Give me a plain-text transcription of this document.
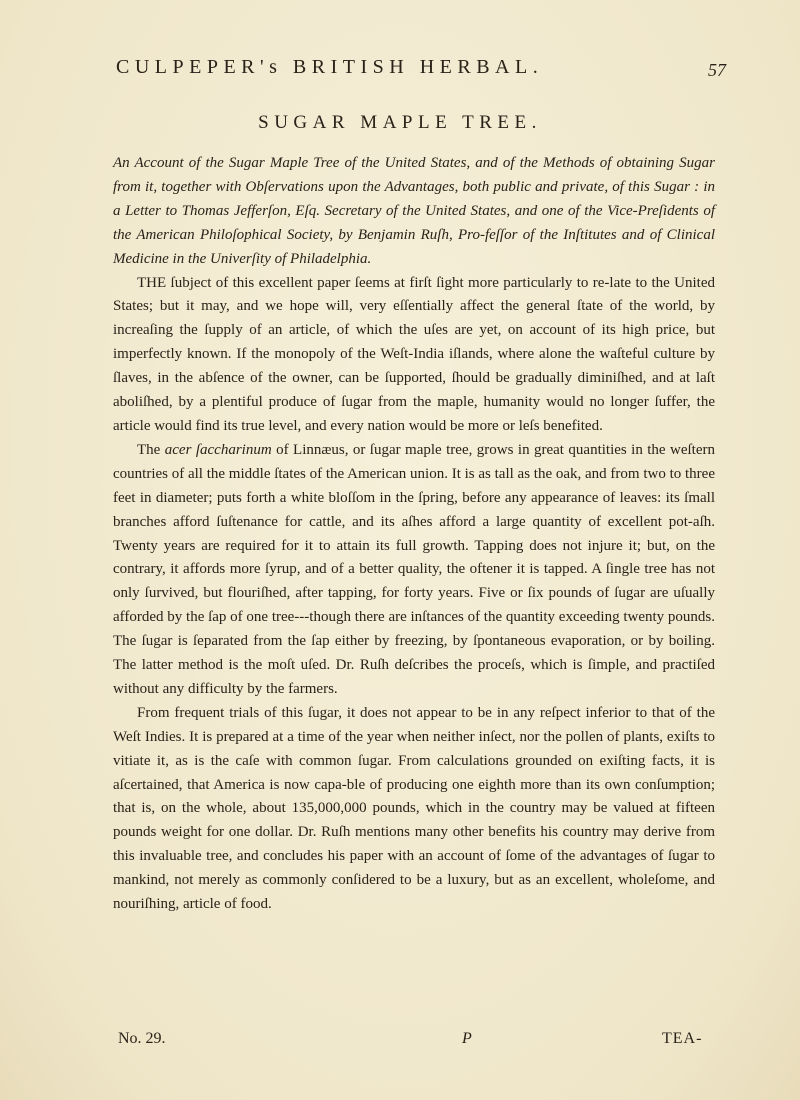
CULPEPER's BRITISH HERBAL.	57
SUGAR MAPLE TREE.

An Account of the Sugar Maple Tree of the United States, and of the Methods of obtaining Sugar from it, together with Obſervations upon the Advantages, both public and private, of this Sugar : in a Letter to Thomas Jefferſon, Eſq. Secretary of the United States, and one of the Vice-Preſidents of the American Philoſophical Society, by Benjamin Ruſh, Pro-feſſor of the Inſtitutes and of Clinical Medicine in the Univerſity of Philadelphia.

THE ſubject of this excellent paper ſeems at firſt ſight more particularly to re-late to the United States; but it may, and we hope will, very eſſentially affect the general ſtate of the world, by increaſing the ſupply of an article, of which the uſes are yet, on account of its high price, but imperfectly known. If the monopoly of the Weſt-India iſlands, where alone the waſteful culture by ſlaves, in the abſence of the owner, can be ſupported, ſhould be gradually diminiſhed, and at laſt aboliſhed, by a plentiful produce of ſugar from the maple, humanity would no longer ſuffer, the article would find its true level, and every nation would be more or leſs benefited.

The acer ſaccharinum of Linnæus, or ſugar maple tree, grows in great quantities in the weſtern countries of all the middle ſtates of the American union. It is as tall as the oak, and from two to three feet in diameter; puts forth a white bloſſom in the ſpring, before any appearance of leaves: its ſmall branches afford ſuſtenance for cattle, and its aſhes afford a large quantity of excellent pot-aſh. Twenty years are required for it to attain its full growth. Tapping does not injure it; but, on the contrary, it affords more ſyrup, and of a better quality, the oftener it is tapped. A ſingle tree has not only ſurvived, but flouriſhed, after tapping, for forty years. Five or ſix pounds of ſugar are uſually afforded by the ſap of one tree---though there are inſtances of the quantity exceeding twenty pounds. The ſugar is ſeparated from the ſap either by freezing, by ſpontaneous evaporation, or by boiling. The latter method is the moſt uſed. Dr. Ruſh deſcribes the proceſs, which is ſimple, and practiſed without any difficulty by the farmers.

From frequent trials of this ſugar, it does not appear to be in any reſpect inferior to that of the Weſt Indies. It is prepared at a time of the year when neither inſect, nor the pollen of plants, exiſts to vitiate it, as is the caſe with common ſugar. From calculations grounded on exiſting facts, it is aſcertained, that America is now capa-ble of producing one eighth more than its own conſumption; that is, on the whole, about 135,000,000 pounds, which in the country may be valued at fifteen pounds weight for one dollar. Dr. Ruſh mentions many other benefits his country may derive from this invaluable tree, and concludes his paper with an account of ſome of the advantages of ſugar to mankind, not merely as commonly conſidered to be a luxury, but as an excellent, wholeſome, and nouriſhing, article of food.

No. 29.	P	TEA-
